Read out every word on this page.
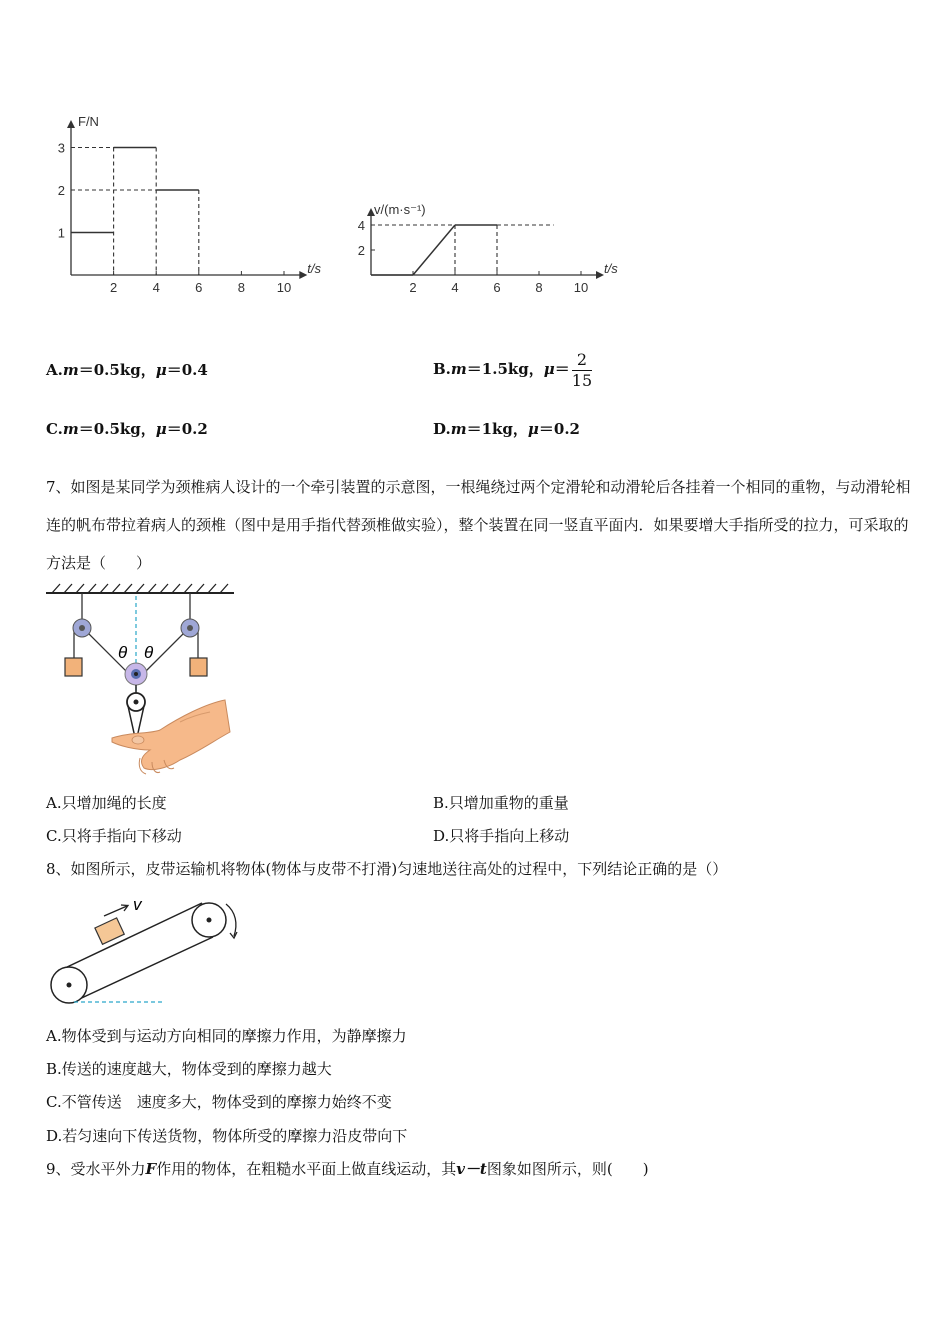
F/N
t/s
2	4	6	8 10
1
2
3
v/(m·s⁻¹)
t/s
2	4	6	8 10
2
4
A.m＝0.5kg，μ＝0.4	B.m＝1.5kg，$\mu= \frac{2}{15}$
C.m＝0.5kg，μ＝0.2	D.m＝1kg，μ＝0.2
7、如图是某同学为颈椎病人设计的一个牵引装置的示意图，一根绳绕过两个定滑轮和动滑轮后各挂着一个相同的重物，与动滑轮相连的帆布带拉着病人的颈椎（图中是用手指代替颈椎做实验），整个装置在同一竖直平面内．如果要增大手指所受的拉力，可采取的方法是（　　）
θ θ
A.只增加绳的长度	B.只增加重物的重量
C.只将手指向下移动	D.只将手指向上移动
8、如图所示，皮带运输机将物体(物体与皮带不打滑)匀速地送往高处的过程中，下列结论正确的是（）
v
A.物体受到与运动方向相同的摩擦力作用，为静摩擦力
B.传送的速度越大，物体受到的摩擦力越大
C.不管传送　速度多大，物体受到的摩擦力始终不变
D.若匀速向下传送货物，物体所受的摩擦力沿皮带向下
9、受水平外力F作用的物体，在粗糙水平面上做直线运动，其v－t图象如图所示，则(　　)
